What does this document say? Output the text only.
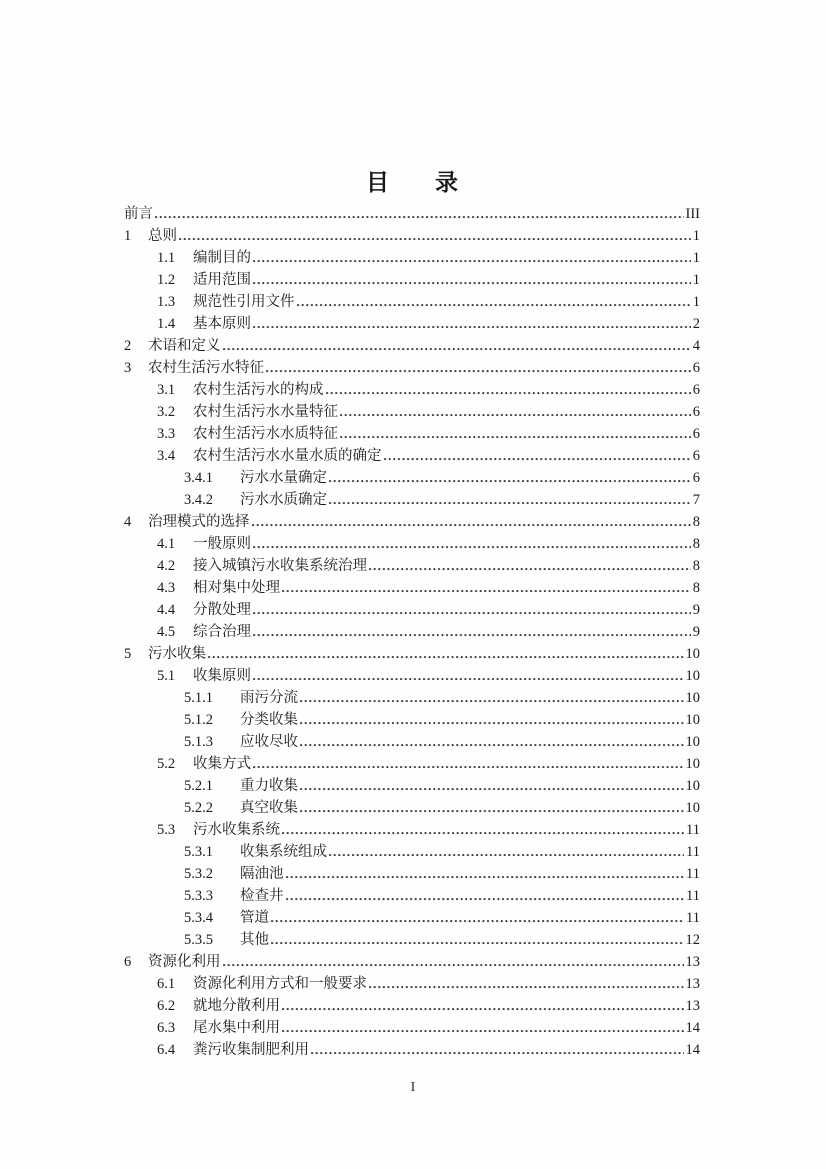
目　　录
前言	III
1	总则	1
1.1	编制目的	1
1.2	适用范围	1
1.3	规范性引用文件	1
1.4	基本原则	2
2	术语和定义	4
3	农村生活污水特征	6
3.1	农村生活污水的构成	6
3.2	农村生活污水水量特征	6
3.3	农村生活污水水质特征	6
3.4	农村生活污水水量水质的确定	6
3.4.1	污水水量确定	6
3.4.2	污水水质确定	7
4	治理模式的选择	8
4.1	一般原则	8
4.2	接入城镇污水收集系统治理	8
4.3	相对集中处理	8
4.4	分散处理	9
4.5	综合治理	9
5	污水收集	10
5.1	收集原则	10
5.1.1	雨污分流	10
5.1.2	分类收集	10
5.1.3	应收尽收	10
5.2	收集方式	10
5.2.1	重力收集	10
5.2.2	真空收集	10
5.3	污水收集系统	11
5.3.1	收集系统组成	11
5.3.2	隔油池	11
5.3.3	检查井	11
5.3.4	管道	11
5.3.5	其他	12
6	资源化利用	13
6.1	资源化利用方式和一般要求	13
6.2	就地分散利用	13
6.3	尾水集中利用	14
6.4	粪污收集制肥利用	14
I
